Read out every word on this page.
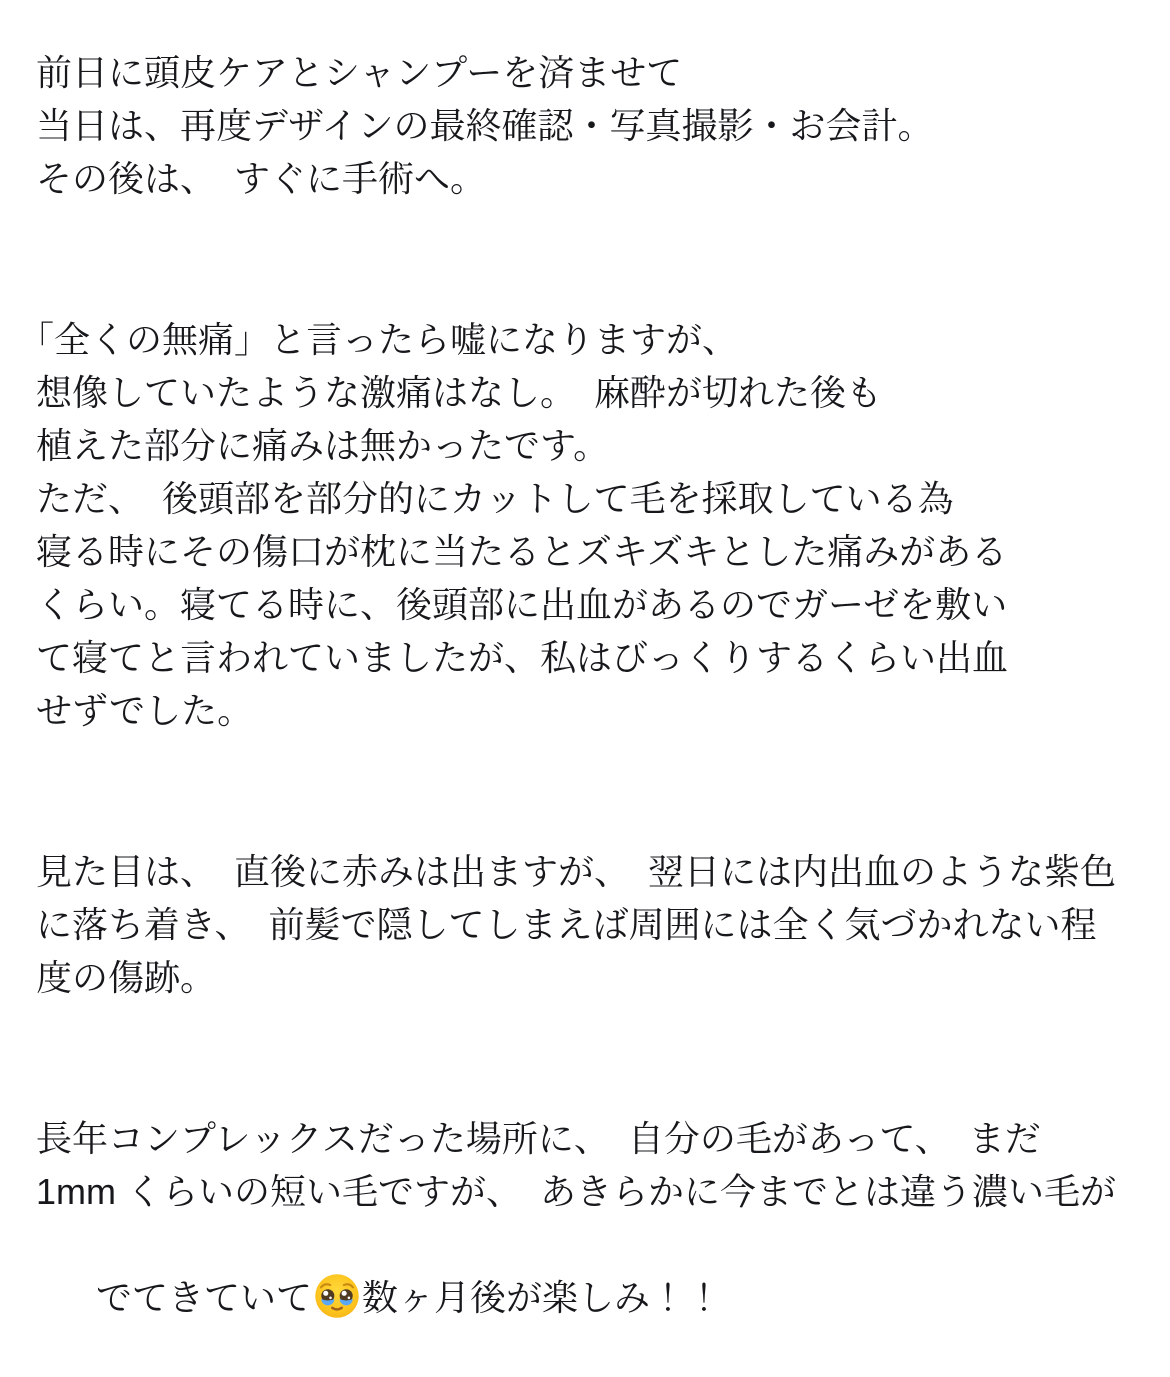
前日に頭皮ケアとシャンプーを済ませて
当日は、再度デザインの最終確認・写真撮影・お会計。
その後は、　すぐに手術へ。

「全くの無痛」と言ったら嘘になりますが、
想像していたような激痛はなし。　麻酔が切れた後も
植えた部分に痛みは無かったです。
ただ、　後頭部を部分的にカットして毛を採取している為
寝る時にその傷口が枕に当たるとズキズキとした痛みがある
くらい。寝てる時に、後頭部に出血があるのでガーゼを敷い
て寝てと言われていましたが、私はびっくりするくらい出血
せずでした。

見た目は、　直後に赤みは出ますが、　翌日には内出血のような紫色
に落ち着き、　前髪で隠してしまえば周囲には全く気づかれない程
度の傷跡。

長年コンプレックスだった場所に、　自分の毛があって、　まだ
1mm くらいの短い毛ですが、　あきらかに今までとは違う濃い毛が

でてきていて 数ヶ月後が楽しみ！！
